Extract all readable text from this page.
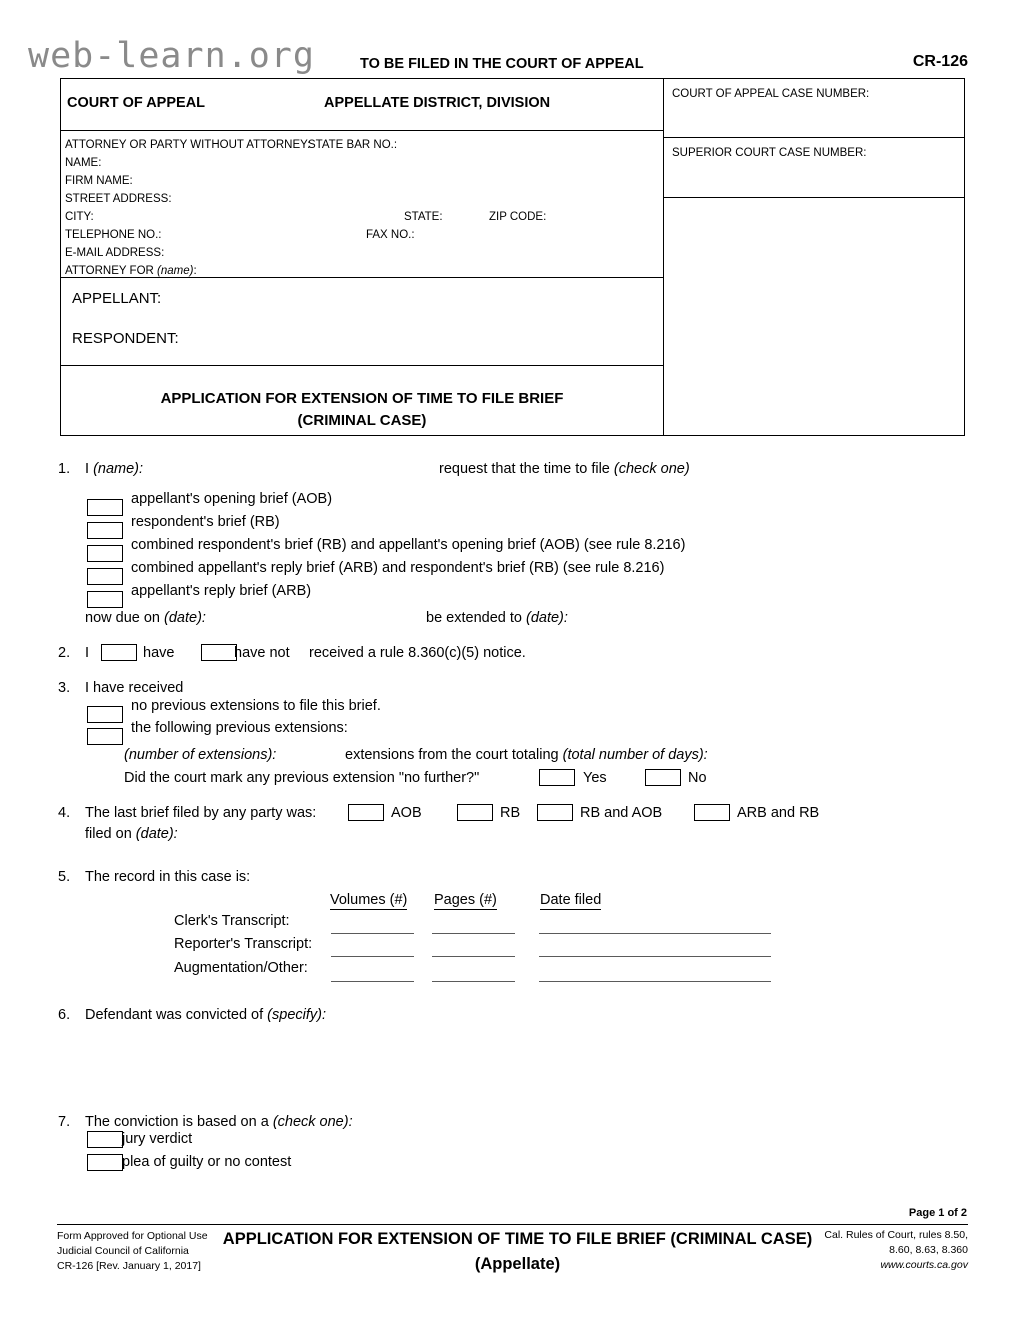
web-learn.org	TO BE FILED IN THE COURT OF APPEAL	CR-126
COURT OF APPEAL	APPELLATE DISTRICT, DIVISION
ATTORNEY OR PARTY WITHOUT ATTORNEY:
STATE BAR NO.:
NAME:
FIRM NAME:
STREET ADDRESS:
CITY:	STATE:	ZIP CODE:
TELEPHONE NO.:	FAX NO.:
E-MAIL ADDRESS:
ATTORNEY FOR (name):
APPELLANT:
RESPONDENT:
APPLICATION FOR EXTENSION OF TIME TO FILE BRIEF
(CRIMINAL CASE)
COURT OF APPEAL CASE NUMBER:
SUPERIOR COURT CASE NUMBER:
1. I (name):	request that the time to file (check one)
appellant's opening brief (AOB)
respondent's brief (RB)
combined respondent's brief (RB) and appellant's opening brief (AOB) (see rule 8.216)
combined appellant's reply brief (ARB) and respondent's brief (RB) (see rule 8.216)
appellant's reply brief (ARB)
now due on (date):	be extended to (date):
2. I	have	have not received a rule 8.360(c)(5) notice.
3. I have received
no previous extensions to file this brief.
the following previous extensions:
(number of extensions):	extensions from the court totaling (total number of days):
Did the court mark any previous extension "no further?"	Yes	No
4. The last brief filed by any party was:	AOB	RB	RB and AOB	ARB and RB
filed on (date):
5. The record in this case is:
Volumes (#) Pages (#)	Date filed
Clerk's Transcript:
Reporter's Transcript:
Augmentation/Other:
6. Defendant was convicted of (specify):
7. The conviction is based on a (check one):
jury verdict
plea of guilty or no contest
Page 1 of 2
Form Approved for Optional Use
Judicial Council of California
CR-126 [Rev. January 1, 2017]
APPLICATION FOR EXTENSION OF TIME TO FILE BRIEF (CRIMINAL CASE)
(Appellate)
Cal. Rules of Court, rules 8.50,
8.60, 8.63, 8.360
www.courts.ca.gov
